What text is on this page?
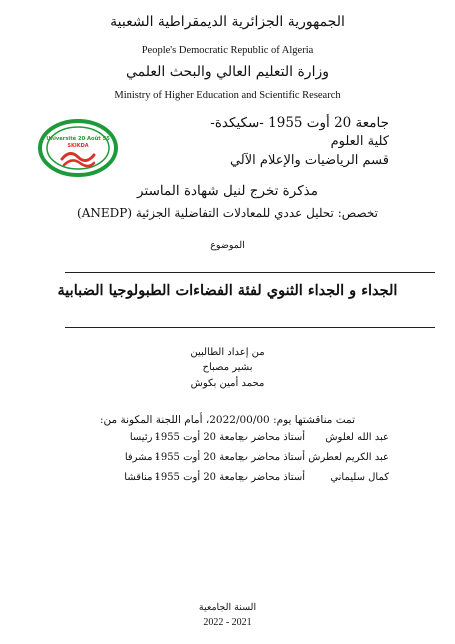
الجمهورية الجزائرية الديمقراطية الشعبية
People's Democratic Republic of Algeria
وزارة التعليم العالي والبحث العلمي
Ministry of Higher Education and Scientific Research
جامعة 20 أوت 1955 -سكيكدة-
كلية العلوم
قسم الرياضيات والإعلام الآلي
Université 20 Août 55
SKIKDA
مذكرة تخرج لنيل شهادة الماستر
تخصص: تحليل عددي للمعادلات التفاضلية الجزئية (ANEDP)
الموضوع
الجداء و الجداء الثنوي لفئة الفضاءات الطبولوجيا الضبابية
من إعداد الطالبين
بشير مصباح
محمد أمين بكوش
تمت مناقشتها يوم: 2022/00/00، أمام اللجنة المكونة من:
عبد الله لعلوش
أستاذ محاضر ب
جامعة 20 أوت 1955
- رئيسا
عبد الكريم لعطرش
أستاذ محاضر ب
جامعة 20 أوت 1955
- مشرفا
كمال سليماني
أستاذ محاضر ب
جامعة 20 أوت 1955
- مناقشا
السنة الجامعية
2022 - 2021
